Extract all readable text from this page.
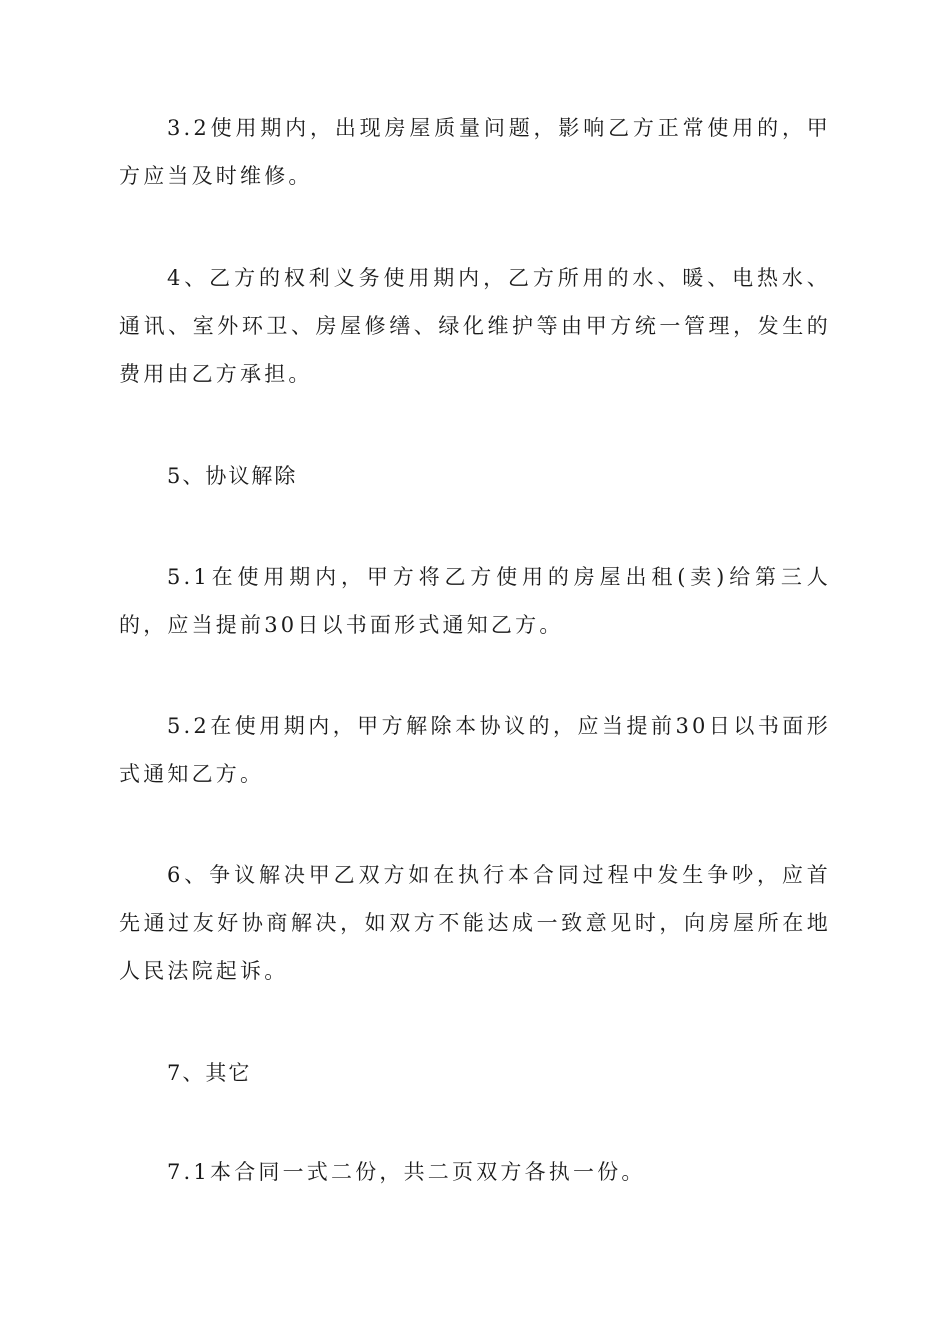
3.2使用期内，出现房屋质量问题，影响乙方正常使用的，甲方应当及时维修。

4、乙方的权利义务使用期内，乙方所用的水、暖、电热水、通讯、室外环卫、房屋修缮、绿化维护等由甲方统一管理，发生的费用由乙方承担。

5、协议解除

5.1在使用期内，甲方将乙方使用的房屋出租(卖)给第三人的，应当提前30日以书面形式通知乙方。

5.2在使用期内，甲方解除本协议的，应当提前30日以书面形式通知乙方。

6、争议解决甲乙双方如在执行本合同过程中发生争吵，应首先通过友好协商解决，如双方不能达成一致意见时，向房屋所在地人民法院起诉。

7、其它

7.1本合同一式二份，共二页双方各执一份。
